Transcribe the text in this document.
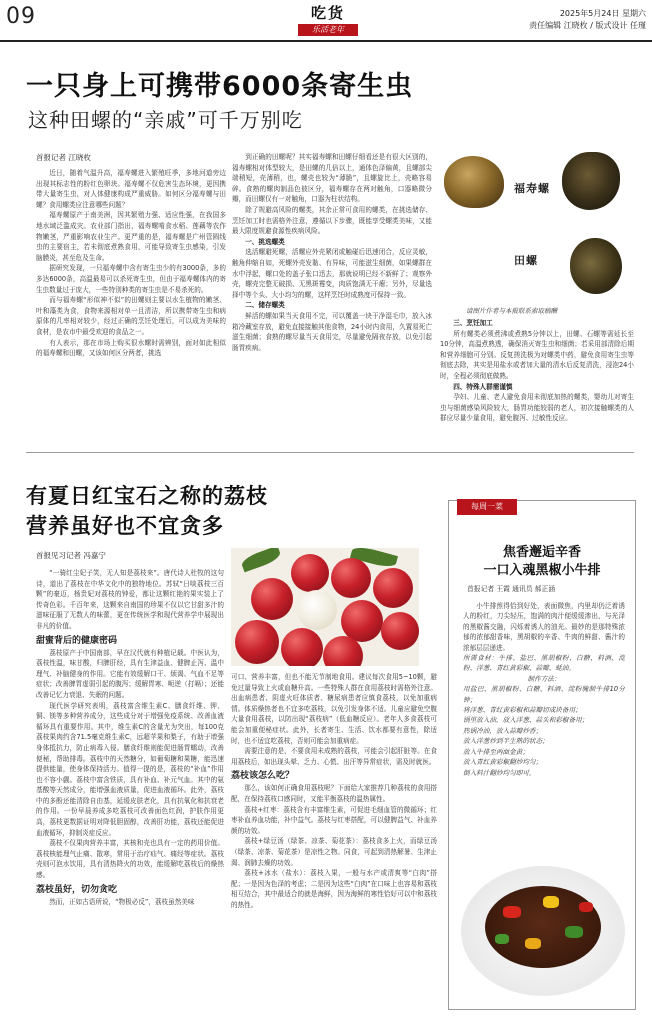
09	吃货
乐活老年
2025年5月24日 星期六
责任编辑 江晓枚 / 版式设计 任瑾
一只身上可携带6000条寄生虫
这种田螺的“亲戚”可千万别吃
首报记者 江晓枚

近日，随着气温升高，福寿螺进入繁殖旺季，多地河道旁边出现其标志性的粉红色卵块。福寿螺不仅危害生态环境，更因携带大量寄生虫，对人体健康构成严重威胁。如何区分福寿螺与田螺？食用螺类应注意哪些问题？

福寿螺原产于南美洲，因其繁殖力强、适应性强，在我国多地水域泛滥成灾。农业部门指出，福寿螺啃食水稻、莲藕等农作物嫩茎，严重影响农业生产。更严重的是，福寿螺是广州管圆线虫的主要宿主，若未彻底煮熟食用，可能导致寄生虫感染，引发脑膜炎，甚至危及生命。

据研究发现，一只福寿螺中含有寄生虫少的有3000条，多的多达6000条，高温最易可以杀死寄生虫，但由于福寿螺体内的寄生虫数量过于庞大，一些特别种类的寄生虫是不易杀死的。

而与福寿螺“形似神不似”的田螺则主要以水生植物的嫩茎、叶和藻类为食，食物来源相对单一且清洁，所以携带寄生虫和病原体的几率相对较少，经过正确的烹饪处理后，可以成为美味的食材，是农市中最受欢迎的食品之一。

有人表示，那在市场上购买很水螺时需辨别，面对如此相似的福寿螺和田螺，又该如何区分两者，挑选

到正确的田螺呢？其实福寿螺和田螺仔细看还是有很大区别的，福寿螺相对体型较大，是田螺的几倍以上，通体色泽偏黄，且螺部尖端稍短，壳薄稍，也，螺壳也较为“薄脆”，且螺旋比上，壳略容易碎。食熟的螺肉制品色彼区分，福寿螺存在两对触角，口器略微分瓣，而田螺仅有一对触角，口器为柱状结构。

除了规避高风险的螺类，其余正常可食用的螺类，在挑选储存、烹饪加工时也需格外注意，遵循以下步骤，既能享受螺类美味，又能最大限度规避食源性疾病风险。

一、挑选螺类

选活螺避死螺，活螺应外壳紧闭或触碰后迅速闭合，反应灵敏，触角伸缩自如，死螺外壳发黏、有异味，可能滋生细菌，如果螺群在水中浮起，螺口处的盖子张口迅去，那就说明已经不新鲜了；观察外壳，螺壳完整无破损、无黑斑霉变，肉质饱满无干瘪；另外，尽量选择中等个头、大小均匀的螺，这样烹饪时成熟度可保持一致。

二、储存螺类

鲜活的螺如果当天食用不完，可以覆盖一块干净湿毛巾，放入冰箱冷藏室存放，避免直接接触其他食物，24小时内食用，久置易死亡滋生细菌；食熟的螺尽量当天食用完，尽量避免隔夜存放，以免引起肠胃疾病。

福寿螺
田螺
请图片作者与本报联系索取稿酬
三、烹饪加工

所有螺类必须煮沸或煮熟5分钟以上，田螺、石螺等需延长至10分钟，高温煮熟透，确保消灭寄生虫和细菌；若采用部清除后期和营养细胞可分别。反复搓洗极为对螺类中药，避免食用寄生虫等彻底去除，其实是用盐水或者加大量的清水后反复清洗，浸泡24小时，全程必须彻底做熟。

四、特殊人群需谨慎

孕妇、儿童、老人避免食用未彻底加热的螺类，婴幼儿对寄生虫与细菌感染风险较大，肠胃功能较弱的老人，初次接触螺类的人群应尽量少量食用，避免腹泻、过敏性反应。

有夏日红宝石之称的荔枝
营养虽好也不宜贪多
首报见习记者 冯嘉宁

“一骑红尘妃子笑，无人知是荔枝来”。唐代诗人杜牧的这句诗，道出了荔枝在中华文化中的独特地位。苏轼“日啖荔枝三百颗”的豪迈，杨贵妃对荔枝的钟爱，都让这颗红艳的果实装上了传奇色彩。千百年来，这颗来自南国的珍果不仅以它甘甜多汁的滋味征服了无数人的味蕾，更在传统医学和现代营养学中展现出非凡的价值。

甜蜜背后的健康密码

荔枝原产于中国南部，早在汉代就有种植记载。中医认为，荔枝性温，味甘酸，归脾肝经，具有生津益血、健脾止泻、温中理气、补脑健身的作用。它能有效缓解口干、烦渴、气血不足等症状；改善脾胃虚弱引起的腹泻；缓解胃寒、呃逆（打嗝）；还能改善记忆力衰退、失眠的问题。

现代医学研究表明，荔枝富含维生素C、膳食纤维、钾、铜、镁等多种营养成分，这些成分对于增强免疫系统、改善血液循环具有重要作用。其中，维生素C的含量尤为突出，每100克荔枝果肉约含71.5毫克维生素C，远超苹果和梨子，有助于增强身体抵抗力，防止病毒入侵。膳食纤维则能促进肠胃蠕动，改善便秘，帮助排毒。荔枝中的天然糖分，如葡萄糖和果糖，能迅速提供能量，使身体保持活力。值得一提的是，荔枝的“补血”作用也不容小觑。荔枝中富含铁质，具有补血、补元气血。其中的氨基酸等天然成分，能增强血液质量，促进血液循环。此外，荔枝中的多酚还能清除自由基，延缓皮肤老化，具有抗氧化和抗衰老的作用。一份早晨养成多吃荔枝可改善面色红润，护肤作用更高，荔枝更数据证明对降低胆固醇，改善肝功能，荔枝还能促进血液循环，抑制炎症反应。

荔枝不仅果肉营养丰富，其核和壳也具有一定的药用价值。荔枝核能理气止痛、散寒，常用于治疗疝气、痛经等症状。荔枝壳则可泡水饮用，具有清热降火的功效，能缓解吃荔枝后的燥热感。

荔枝虽好，切勿贪吃

然而，正如古语所说，“物极必反”，荔枝虽然美味

可口、营养丰富，但也不能无节制地食用。建议每次食用5~10颗，避免过量导致上火或血糖升高。一些特殊人群在食用荔枝时需格外注意。出血病患者、阴虚火旺体质者、糖尿病患者应慎食荔枝，以免加重病情。体质燥热者也不宜多吃荔枝，以免引发身体不适。儿童应避免空腹大量食用荔枝，以防出现“荔枝病”（低血糖反应）。老年人多食荔枝可能会加重便秘症状。此外，长者寄生、生活、饮水都要有意性，除适时，也不适宜吃荔枝，否则可能会加重病症。

需要注意的是，不要食用未成熟的荔枝，可能会引起肝脏等。在食用荔枝后，如出现头晕、乏力、心慌、出汗等异常症状，需及时就医。

荔枝该怎么吃？

那么，该如何正确食用荔枝呢？下面给大家推荐几种荔枝的食用搭配，在保持荔枝口感同时，又能平衡荔枝的温热属性。

荔枝+红枣：荔枝含有丰富维生素，可促进毛细血管的微循环；红枣补血养血功能，补中益气。荔枝与红枣搭配，可以健脾益气、补血养颜的功效。

荔枝+绿豆汤（绿茶、凉茶、菊花茶）：荔枝食多上火，而绿豆汤（绿茶、凉茶、菊花茶）是凉性之物。同食，可起到清热解暑、生津止渴、润肺去燥的功效。

荔枝+冰水（盐水）：荔枝入果，一般与水产或清爽等“白肉”搭配；一是因为色泽的考虑；二是因为这些“白肉”在口味上也容易和荔枝相互结合，其中最适合的就是海鲜，因为海鲜的寒性恰好可以中和荔枝的热性。

每周一菜
焦香邂逅辛香
一口入魂黑椒小牛排
首报记者 王霞 通讯员 郝正涵

小牛排煎得恰到好处，表面微焦，内里却仍泛着诱人的粉红，刀尖轻压，饱满的肉汁便缓缓渗出，与光泽的黑椒酱交融，闪烁着诱人的油光。最妙的是那特殊浓郁的浓郁甜香味，黑胡椒的辛香、牛肉的鲜甜、酱汁的浓郁层层递进。

所需食材：牛排、盐巴、黑胡椒粉、白糖、料酒、淀粉、洋葱、青红黄彩椒、蒜瓣、蚝油。

制作方法：

用盐巴、黑胡椒粉、白糖、料酒、淀粉腌制牛排10分钟；

将洋葱、青红黄彩椒和蒜瓣切成块备用；

锅里放入油，放入洋葱、蒜头和彩椒备用；

热锅冷油，放入蒜瓣炒香；

放入洋葱炒到半生熟的状态；

放入牛排至两面金黄；

放入青红黄彩椒翻炒均匀；

倒入料汁翻炒均匀即可。
